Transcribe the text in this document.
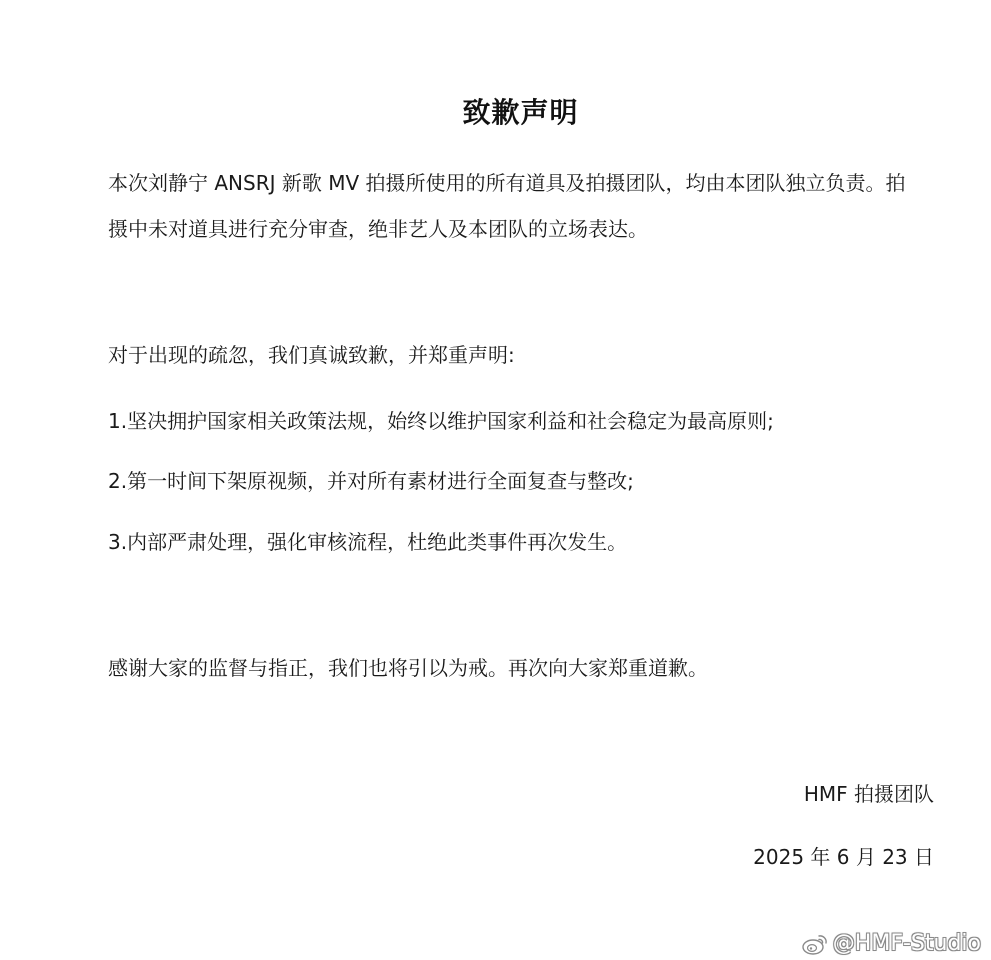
致歉声明

本次刘静宁 ANSRJ 新歌 MV 拍摄所使用的所有道具及拍摄团队，均由本团队独立负责。拍摄中未对道具进行充分审查，绝非艺人及本团队的立场表达。

对于出现的疏忽，我们真诚致歉，并郑重声明:

1.坚决拥护国家相关政策法规，始终以维护国家利益和社会稳定为最高原则;

2.第一时间下架原视频，并对所有素材进行全面复查与整改;

3.内部严肃处理，强化审核流程，杜绝此类事件再次发生。

感谢大家的监督与指正，我们也将引以为戒。再次向大家郑重道歉。

HMF 拍摄团队
2025 年 6 月 23 日
@HMF-Studio
